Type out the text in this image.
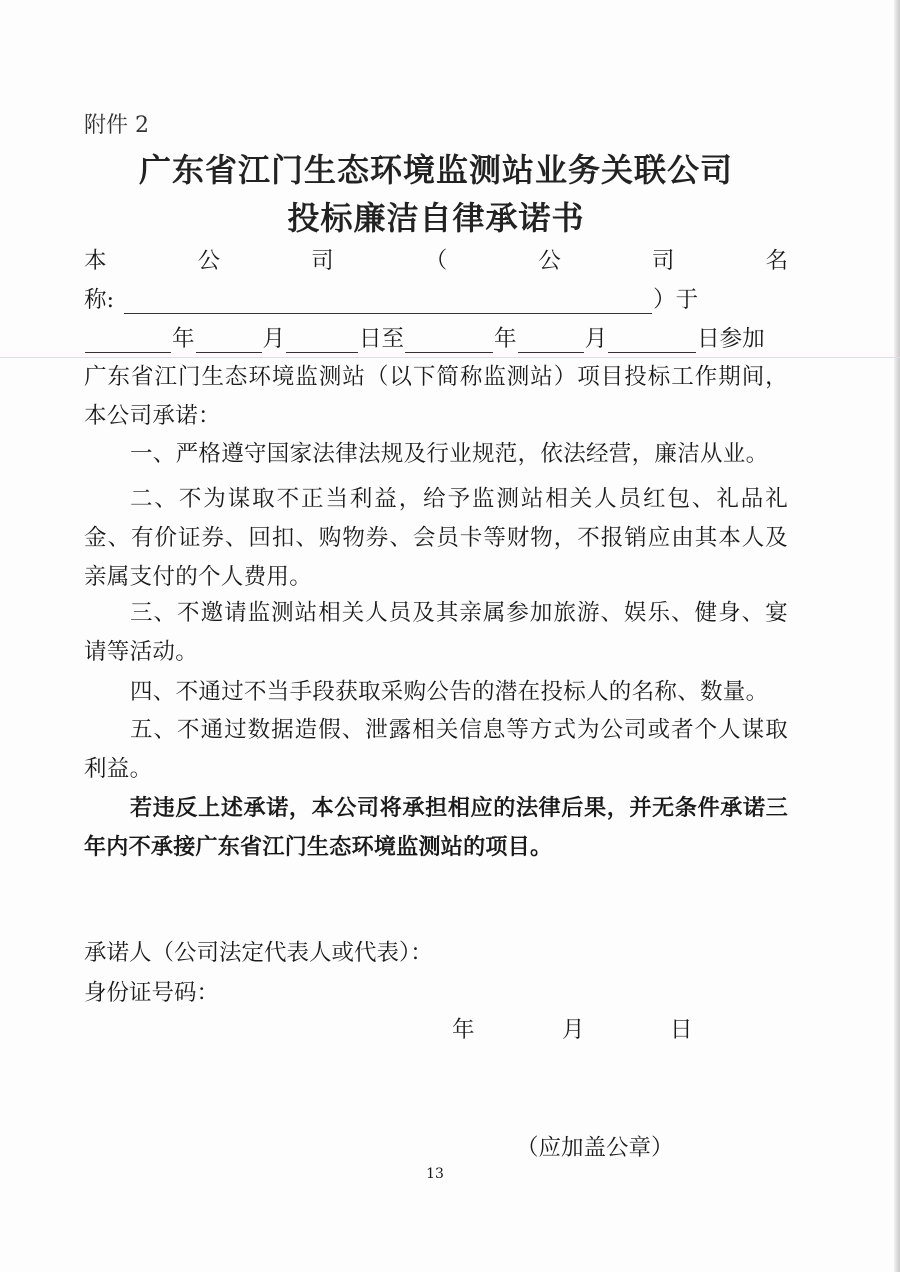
附件 2
广东省江门生态环境监测站业务关联公司
投标廉洁自律承诺书
本	公	司	（	公	司	名
称:	）于
年	月	日至	年	月	日参加

广东省江门生态环境监测站（以下简称监测站）项目投标工作期间，本公司承诺：

一、严格遵守国家法律法规及行业规范，依法经营，廉洁从业。

二、不为谋取不正当利益，给予监测站相关人员红包、礼品礼金、有价证券、回扣、购物券、会员卡等财物，不报销应由其本人及亲属支付的个人费用。

三、不邀请监测站相关人员及其亲属参加旅游、娱乐、健身、宴请等活动。

四、不通过不当手段获取采购公告的潜在投标人的名称、数量。

五、不通过数据造假、泄露相关信息等方式为公司或者个人谋取利益。

若违反上述承诺，本公司将承担相应的法律后果，并无条件承诺三年内不承接广东省江门生态环境监测站的项目。

承诺人（公司法定代表人或代表）：
身份证号码：
年	月	日
（应加盖公章）
13
